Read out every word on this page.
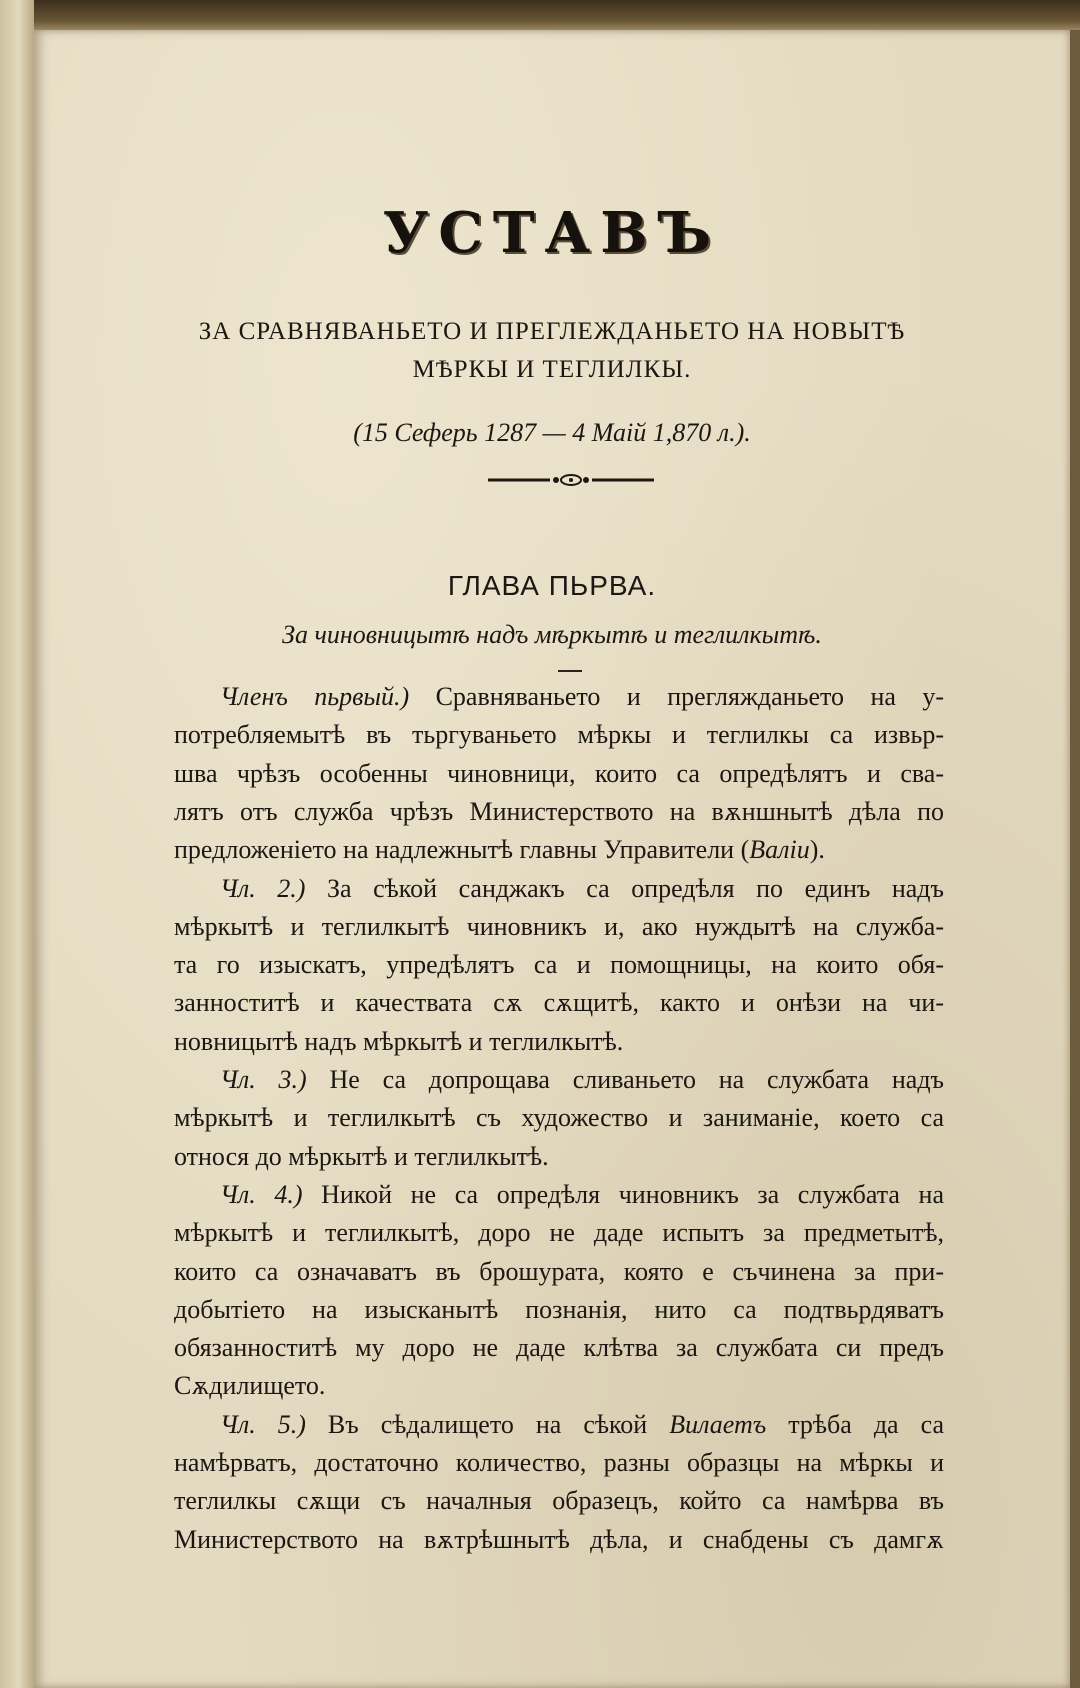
УСТАВЪ
ЗА СРАВНЯВАНЬЕТО И ПРЕГЛЕЖДАНЬЕТО НА НОВЫТѢ
МѢРКЫ И ТЕГЛИЛКЫ.
(15 Сеферь 1287 — 4 Маій 1,870 л.).
ГЛАВА ПЬРВА.
За чиновницытѣ надъ мѣркытѣ и теглилкытѣ.
Членъ пьрвый.) Сравняваньето и прегляжданьето на у-
потребляемытѣ въ тьргуваньето мѣркы и теглилкы са извьр-
шва чрѣзъ особенны чиновници, които са опредѣлятъ и сва-
лятъ отъ служба чрѣзъ Министерството на вѫншнытѣ дѣла по
предложеніето на надлежнытѣ главны Управители (Валіи).
Чл. 2.) За сѣкой санджакъ са опредѣля по единъ надъ
мѣркытѣ и теглилкытѣ чиновникъ и, ако нуждытѣ на служба-
та го изыскатъ, упредѣлятъ са и помощницы, на които обя-
занноститѣ и качествата сѫ сѫщитѣ, както и онѣзи на чи-
новницытѣ надъ мѣркытѣ и теглилкытѣ.
Чл. 3.) Не са допрощава сливаньето на службата надъ
мѣркытѣ и теглилкытѣ съ художество и заниманіе, което са
относя до мѣркытѣ и теглилкытѣ.
Чл. 4.) Никой не са опредѣля чиновникъ за службата на
мѣркытѣ и теглилкытѣ, доро не даде испытъ за предметытѣ,
които са означаватъ въ брошурата, която е съчинена за при-
добытіето на изысканытѣ познанія, нито са подтвьрдяватъ
обязанноститѣ му доро не даде клѣтва за службата си предъ
Сѫдилището.
Чл. 5.) Въ сѣдалището на сѣкой Вилаетъ трѣба да са
намѣрватъ, достаточно количество, разны образцы на мѣркы и
теглилкы сѫщи съ началныя образецъ, който са намѣрва въ
Министерството на вѫтрѣшнытѣ дѣла, и снабдены съ дамгѫ
